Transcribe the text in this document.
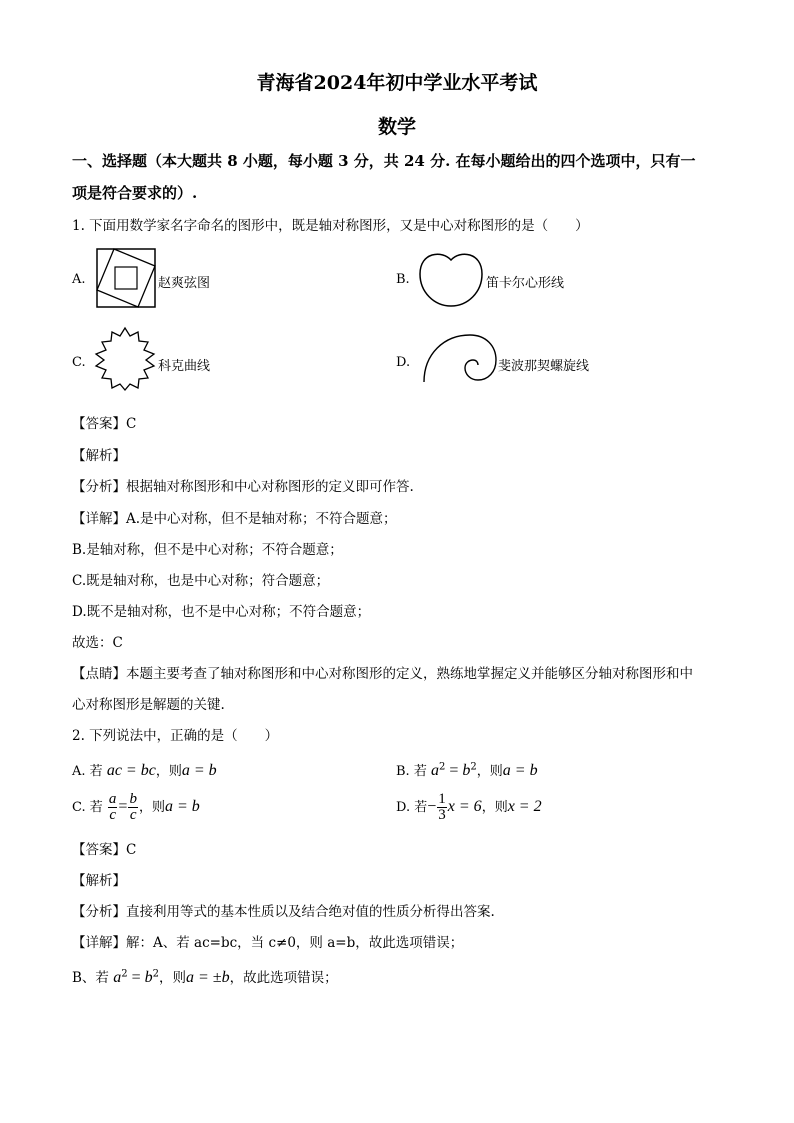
青海省2024年初中学业水平考试
数学
一、选择题（本大题共 8 小题，每小题 3 分，共 24 分. 在每小题给出的四个选项中，只有一
项是符合要求的）.
1. 下面用数学家名字命名的图形中，既是轴对称图形，又是中心对称图形的是（　　）
A.	赵爽弦图	B.	笛卡尔心形线
C.	科克曲线	D.	斐波那契螺旋线
【答案】C
【解析】
【分析】根据轴对称图形和中心对称图形的定义即可作答.
【详解】A.是中心对称，但不是轴对称；不符合题意；
B.是轴对称，但不是中心对称；不符合题意；
C.既是轴对称，也是中心对称；符合题意；
D.既不是轴对称，也不是中心对称；不符合题意；
故选：C
【点睛】本题主要考查了轴对称图形和中心对称图形的定义，熟练地掌握定义并能够区分轴对称图形和中
心对称图形是解题的关键.
2. 下列说法中，正确的是（　　）
A. 若 ac = bc，则a = b	B. 若 $a^2 = b^2$，则a = b
C. 若 $\frac{a}{c} = \frac{b}{c}$ ，则a = b	D. 若− $\frac{1}{3}$ x = 6，则x = 2
【答案】C
【解析】
【分析】直接利用等式的基本性质以及结合绝对值的性质分析得出答案.
【详解】解：A、若 ac=bc，当 c≠0，则 a=b，故此选项错误；
B、若 $a^2 = b^2$，则a = ±b，故此选项错误；
